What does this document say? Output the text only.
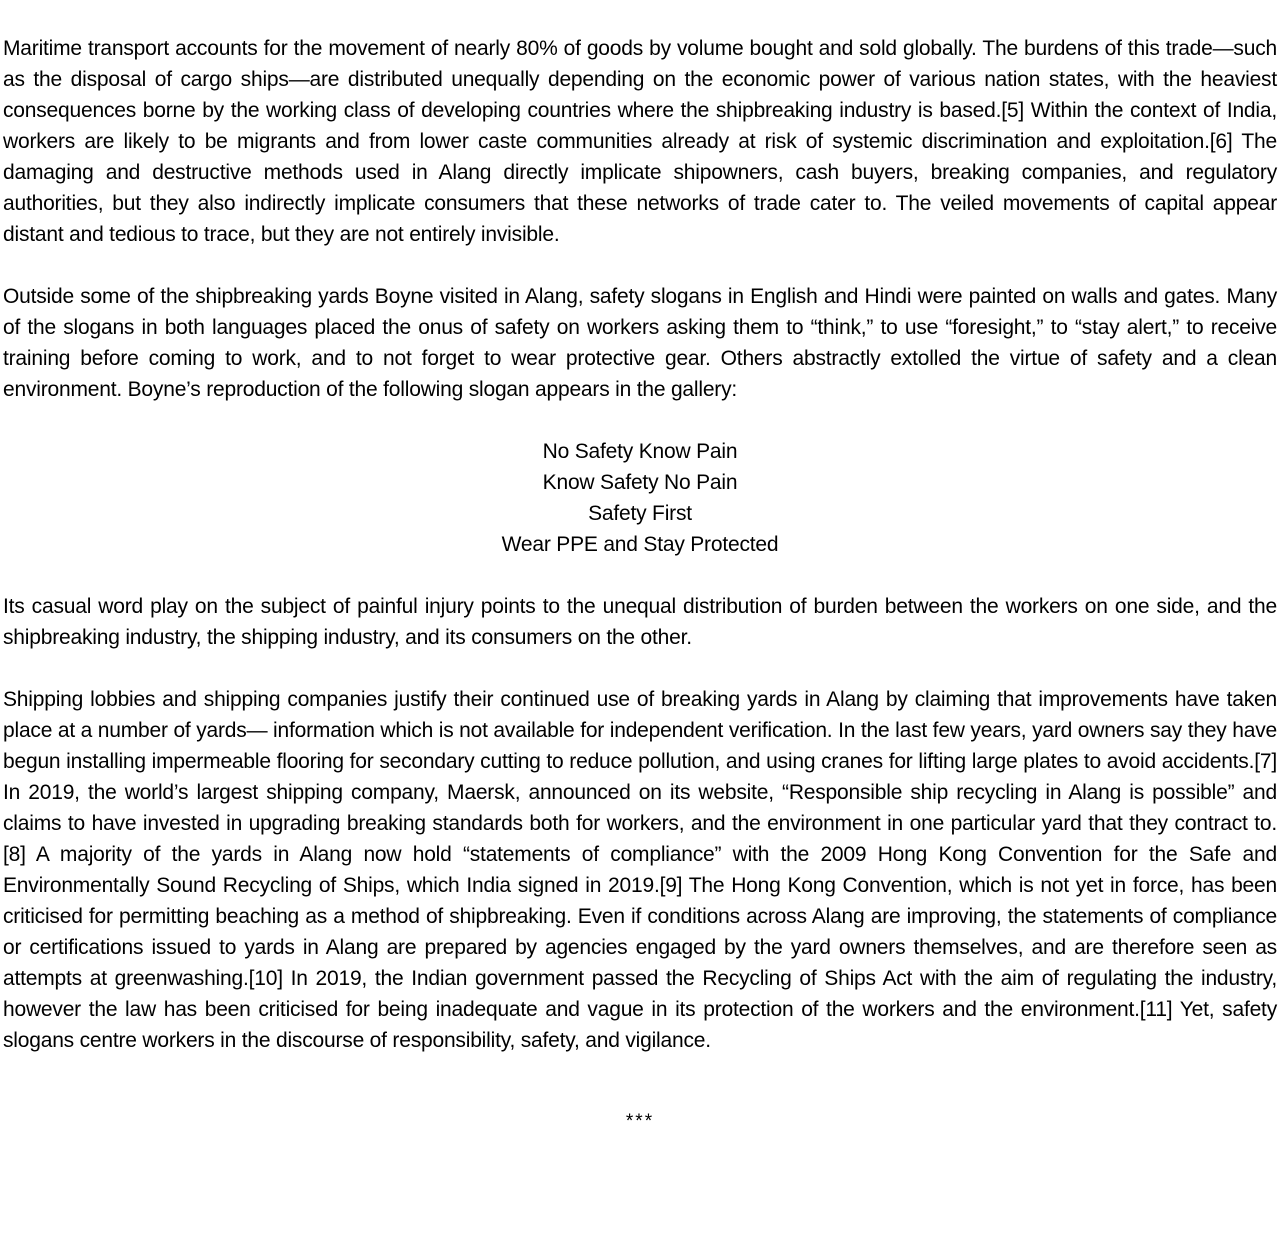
Maritime transport accounts for the movement of nearly 80% of goods by volume bought and sold globally. The burdens of this trade—such as the disposal of cargo ships—are distributed unequally depending on the economic power of various nation states, with the heaviest consequences borne by the working class of developing countries where the shipbreaking industry is based.[5] Within the context of India, workers are likely to be migrants and from lower caste communities already at risk of systemic discrimination and exploitation.[6] The damaging and destructive methods used in Alang directly implicate shipowners, cash buyers, breaking companies, and regulatory authorities, but they also indirectly implicate consumers that these networks of trade cater to. The veiled movements of capital appear distant and tedious to trace, but they are not entirely invisible.

Outside some of the shipbreaking yards Boyne visited in Alang, safety slogans in English and Hindi were painted on walls and gates. Many of the slogans in both languages placed the onus of safety on workers asking them to “think,” to use “foresight,” to “stay alert,” to receive training before coming to work, and to not forget to wear protective gear. Others abstractly extolled the virtue of safety and a clean environment. Boyne’s reproduction of the following slogan appears in the gallery:

No Safety Know Pain
Know Safety No Pain
Safety First
Wear PPE and Stay Protected

Its casual word play on the subject of painful injury points to the unequal distribution of burden between the workers on one side, and the shipbreaking industry, the shipping industry, and its consumers on the other.

Shipping lobbies and shipping companies justify their continued use of breaking yards in Alang by claiming that improvements have taken place at a number of yards— information which is not available for independent verification. In the last few years, yard owners say they have begun installing impermeable flooring for secondary cutting to reduce pollution, and using cranes for lifting large plates to avoid accidents.[7] In 2019, the world’s largest shipping company, Maersk, announced on its website, “Responsible ship recycling in Alang is possible” and claims to have invested in upgrading breaking standards both for workers, and the environment in one particular yard that they contract to.[8] A majority of the yards in Alang now hold “statements of compliance” with the 2009 Hong Kong Convention for the Safe and Environmentally Sound Recycling of Ships, which India signed in 2019.[9] The Hong Kong Convention, which is not yet in force, has been criticised for permitting beaching as a method of shipbreaking. Even if conditions across Alang are improving, the statements of compliance or certifications issued to yards in Alang are prepared by agencies engaged by the yard owners themselves, and are therefore seen as attempts at greenwashing.[10] In 2019, the Indian government passed the Recycling of Ships Act with the aim of regulating the industry, however the law has been criticised for being inadequate and vague in its protection of the workers and the environment.[11] Yet, safety slogans centre workers in the discourse of responsibility, safety, and vigilance.

***
